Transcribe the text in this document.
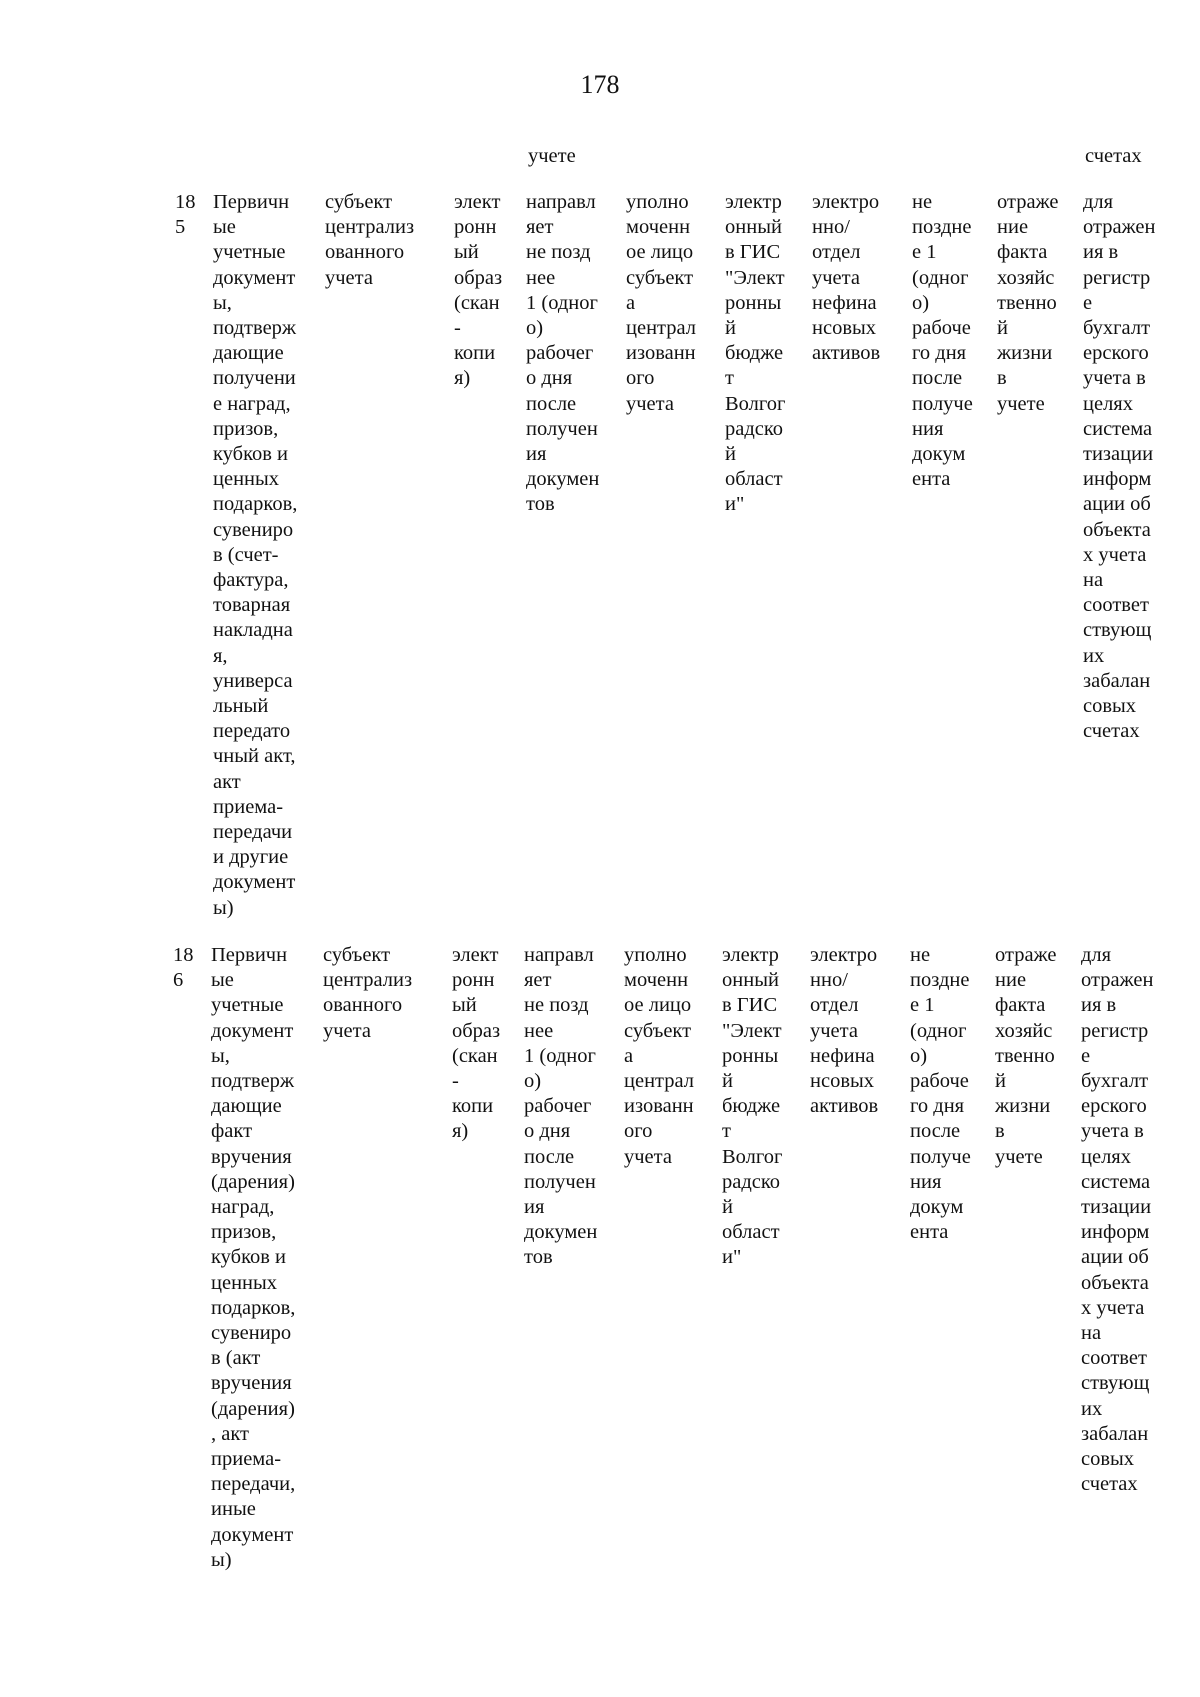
178
учете	счетах
18
5
Первичн
ые
учетные
документ
ы,
подтверж
дающие
получени
е наград,
призов,
кубков и
ценных
подарков,
сувениро
в (счет-
фактура,
товарная
накладна
я,
универса
льный
передато
чный акт,
акт
приема-
передачи
и другие
документ
ы)
субъект
централиз
ованного
учета
элект
ронн
ый
образ
(скан
-
копи
я)
направл
яет
не позд
нее
1 (одног
о)
рабочег
о дня
после
получен
ия
докумен
тов
уполно
моченн
ое лицо
субъект
а
централ
изованн
ого
учета
электр
онный
в ГИС
"Элект
ронны
й
бюдже
т
Волгог
радско
й
област
и"
электро
нно/
отдел
учета
нефина
нсовых
активов
не
поздне
е 1
(одног
о)
рабоче
го дня
после
получе
ния
докум
ента
отраже
ние
факта
хозяйс
твенно
й
жизни
в
учете
для
отражен
ия в
регистр
е
бухгалт
ерского
учета в
целях
система
тизации
информ
ации об
объекта
х учета
на
соответ
ствующ
их
забалан
совых
счетах
18
6
Первичн
ые
учетные
документ
ы,
подтверж
дающие
факт
вручения
(дарения)
наград,
призов,
кубков и
ценных
подарков,
сувениро
в (акт
вручения
(дарения)
, акт
приема-
передачи,
иные
документ
ы)
субъект
централиз
ованного
учета
элект
ронн
ый
образ
(скан
-
копи
я)
направл
яет
не позд
нее
1 (одног
о)
рабочег
о дня
после
получен
ия
докумен
тов
уполно
моченн
ое лицо
субъект
а
централ
изованн
ого
учета
электр
онный
в ГИС
"Элект
ронны
й
бюдже
т
Волгог
радско
й
област
и"
электро
нно/
отдел
учета
нефина
нсовых
активов
не
поздне
е 1
(одног
о)
рабоче
го дня
после
получе
ния
докум
ента
отраже
ние
факта
хозяйс
твенно
й
жизни
в
учете
для
отражен
ия в
регистр
е
бухгалт
ерского
учета в
целях
система
тизации
информ
ации об
объекта
х учета
на
соответ
ствующ
их
забалан
совых
счетах
